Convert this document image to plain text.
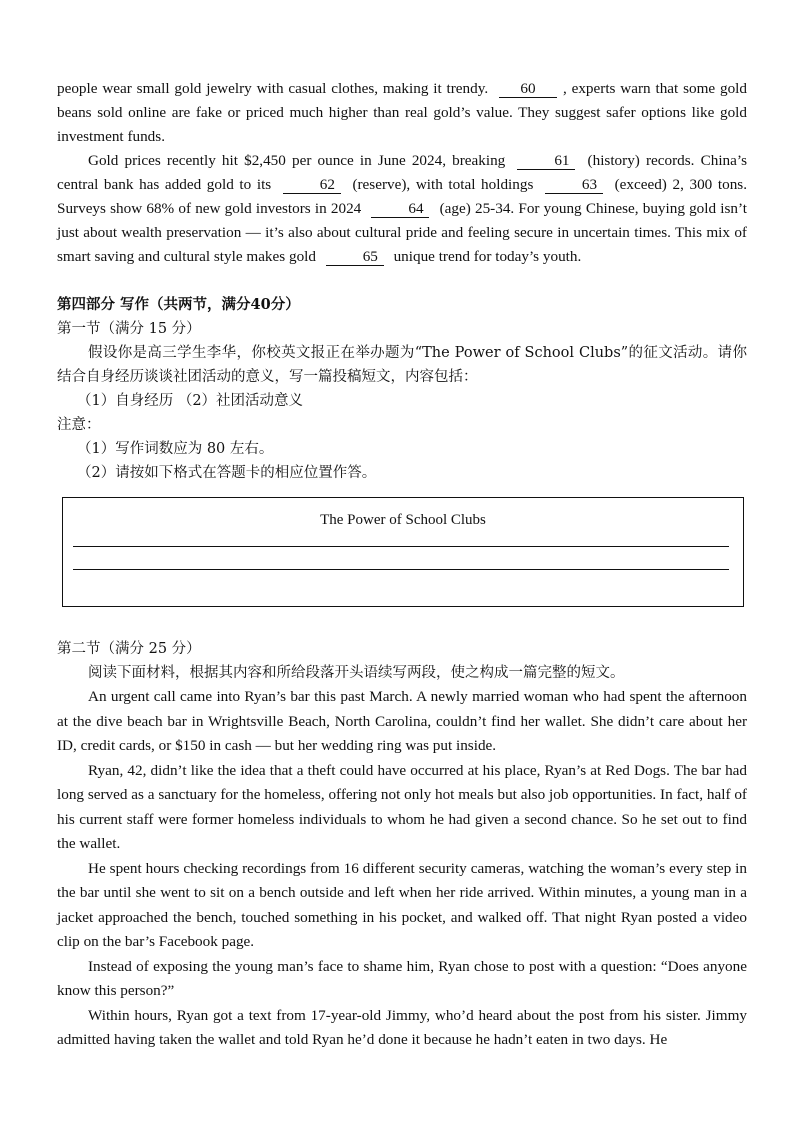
people wear small gold jewelry with casual clothes, making it trendy. 60 , experts warn that some gold beans sold online are fake or priced much higher than real gold’s value. They suggest safer options like gold investment funds.

Gold prices recently hit $2,450 per ounce in June 2024, breaking	61 (history) records. China’s central bank has added gold to its	62 (reserve), with total holdings	63 (exceed) 2, 300 tons. Surveys show 68% of new gold investors in 2024	64 (age) 25-34. For young Chinese, buying gold isn’t just about wealth preservation — it’s also about cultural pride and feeling secure in uncertain times. This mix of smart saving and cultural style makes gold	65 unique trend for today’s youth.

第四部分 写作（共两节，满分40分）

第一节（满分 15 分）

假设你是高三学生李华，你校英文报正在举办题为“The Power of School Clubs”的征文活动。请你结合自身经历谈谈社团活动的意义，写一篇投稿短文，内容包括：

（1）自身经历 （2）社团活动意义

注意：

（1）写作词数应为 80 左右。

（2）请按如下格式在答题卡的相应位置作答。

The Power of School Clubs

第二节（满分 25 分）

阅读下面材料，根据其内容和所给段落开头语续写两段，使之构成一篇完整的短文。

An urgent call came into Ryan’s bar this past March. A newly married woman who had spent the afternoon at the dive beach bar in Wrightsville Beach, North Carolina, couldn’t find her wallet. She didn’t care about her ID, credit cards, or $150 in cash — but her wedding ring was put inside.

Ryan, 42, didn’t like the idea that a theft could have occurred at his place, Ryan’s at Red Dogs. The bar had long served as a sanctuary for the homeless, offering not only hot meals but also job opportunities. In fact, half of his current staff were former homeless individuals to whom he had given a second chance. So he set out to find the wallet.

He spent hours checking recordings from 16 different security cameras, watching the woman’s every step in the bar until she went to sit on a bench outside and left when her ride arrived. Within minutes, a young man in a jacket approached the bench, touched something in his pocket, and walked off. That night Ryan posted a video clip on the bar’s Facebook page.

Instead of exposing the young man’s face to shame him, Ryan chose to post with a question: “Does anyone know this person?”

Within hours, Ryan got a text from 17-year-old Jimmy, who’d heard about the post from his sister. Jimmy admitted having taken the wallet and told Ryan he’d done it because he hadn’t eaten in two days. He
